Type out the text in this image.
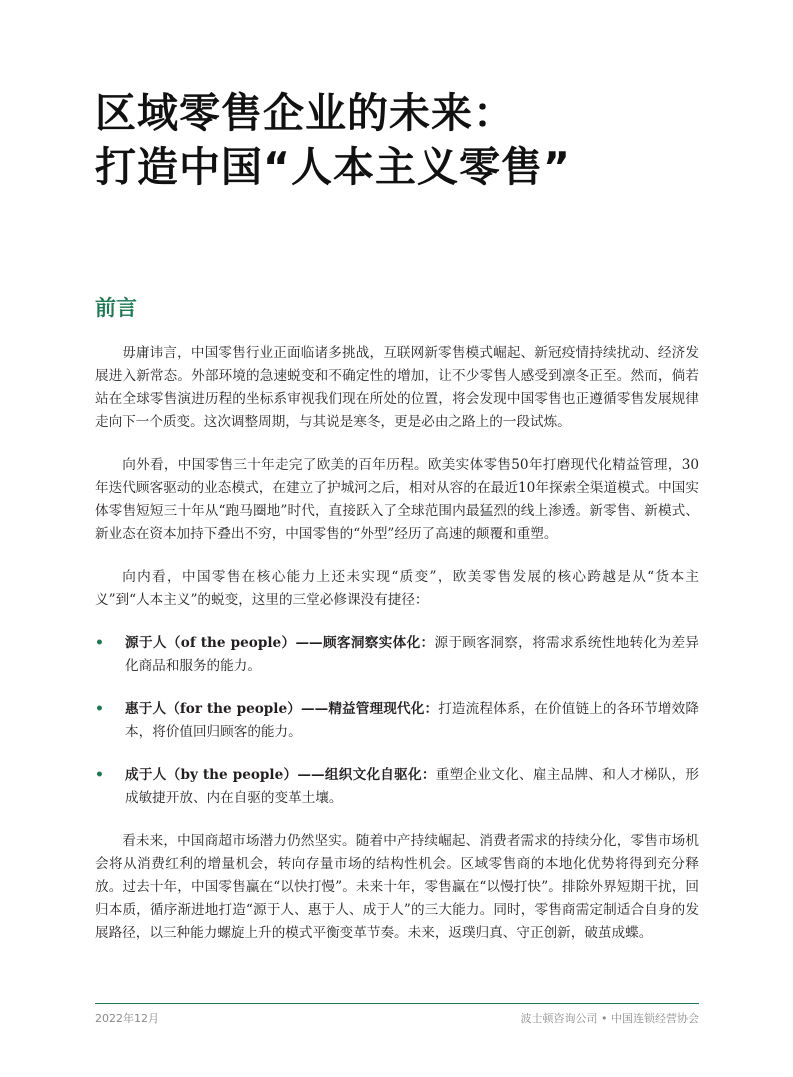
区域零售企业的未来：
打造中国“人本主义零售”
前言

毋庸讳言，中国零售行业正面临诸多挑战，互联网新零售模式崛起、新冠疫情持续扰动、经济发展进入新常态。外部环境的急速蜕变和不确定性的增加，让不少零售人感受到凛冬正至。然而，倘若站在全球零售演进历程的坐标系审视我们现在所处的位置，将会发现中国零售也正遵循零售发展规律走向下一个质变。这次调整周期，与其说是寒冬，更是必由之路上的一段试炼。

向外看，中国零售三十年走完了欧美的百年历程。欧美实体零售50年打磨现代化精益管理，30年迭代顾客驱动的业态模式，在建立了护城河之后，相对从容的在最近10年探索全渠道模式。中国实体零售短短三十年从“跑马圈地”时代，直接跃入了全球范围内最猛烈的线上渗透。新零售、新模式、新业态在资本加持下叠出不穷，中国零售的“外型”经历了高速的颠覆和重塑。

向内看，中国零售在核心能力上还未实现“质变”，欧美零售发展的核心跨越是从“货本主义”到“人本主义”的蜕变，这里的三堂必修课没有捷径：

• 源于人（of the people）——顾客洞察实体化：源于顾客洞察，将需求系统性地转化为差异化商品和服务的能力。
• 惠于人（for the people）——精益管理现代化：打造流程体系，在价值链上的各环节增效降本，将价值回归顾客的能力。
• 成于人（by the people）——组织文化自驱化：重塑企业文化、雇主品牌、和人才梯队，形成敏捷开放、内在自驱的变革土壤。

看未来，中国商超市场潜力仍然坚实。随着中产持续崛起、消费者需求的持续分化，零售市场机会将从消费红利的增量机会，转向存量市场的结构性机会。区域零售商的本地化优势将得到充分释放。过去十年，中国零售赢在“以快打慢”。未来十年，零售赢在“以慢打快”。排除外界短期干扰，回归本质，循序渐进地打造“源于人、惠于人、成于人”的三大能力。同时，零售商需定制适合自身的发展路径，以三种能力螺旋上升的模式平衡变革节奏。未来，返璞归真、守正创新，破茧成蝶。

2022年12月	波士顿咨询公司 • 中国连锁经营协会
